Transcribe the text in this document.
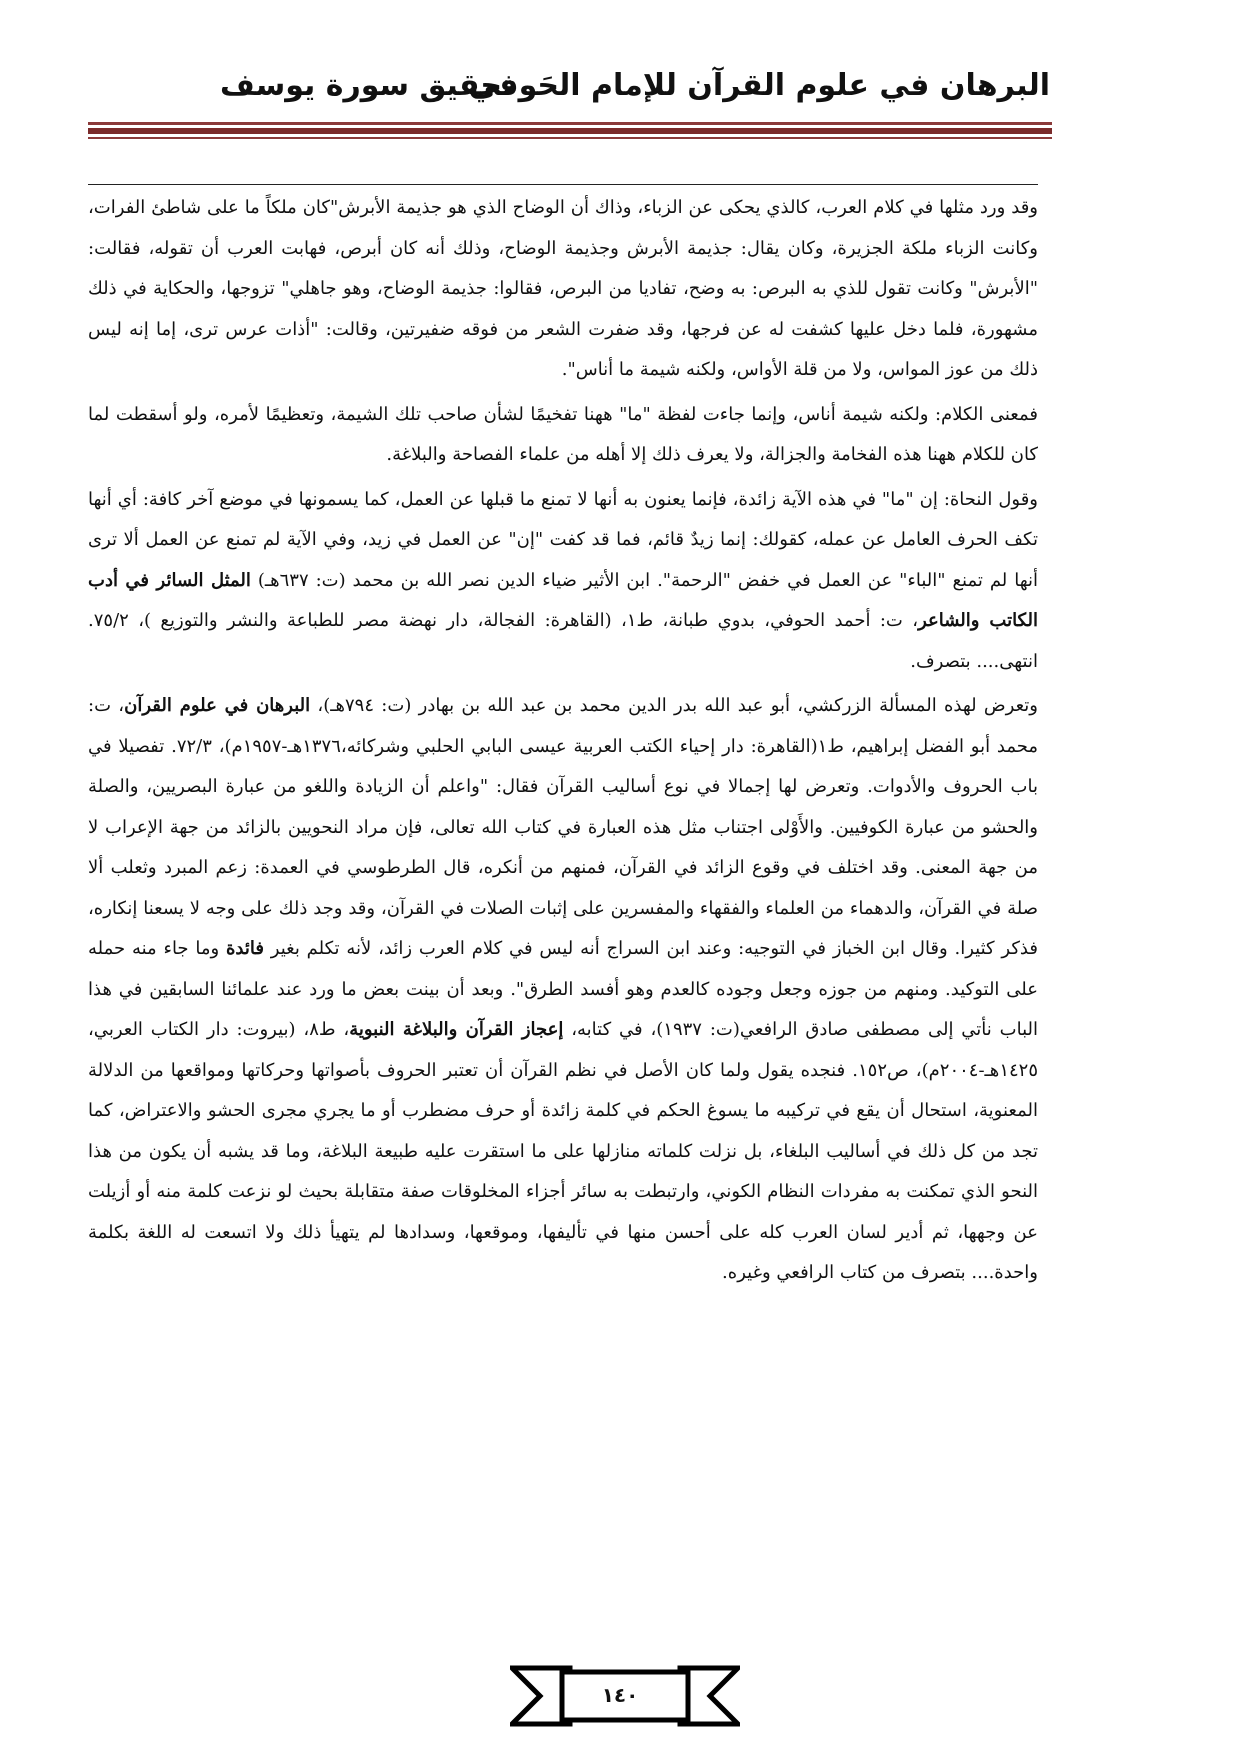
البرهان في علوم القرآن للإمام الحَوفي
تحقيق سورة يوسف

وقد ورد مثلها في كلام العرب، كالذي يحكى عن الزباء، وذاك أن الوضاح الذي هو جذيمة الأبرش"كان ملكاً ما على شاطئ الفرات، وكانت الزباء ملكة الجزيرة، وكان يقال: جذيمة الأبرش وجذيمة الوضاح، وذلك أنه كان أبرص، فهابت العرب أن تقوله، فقالت: "الأبرش" وكانت تقول للذي به البرص: به وضح، تفاديا من البرص، فقالوا: جذيمة الوضاح، وهو جاهلي" تزوجها، والحكاية في ذلك مشهورة، فلما دخل عليها كشفت له عن فرجها، وقد ضفرت الشعر من فوقه ضفيرتين، وقالت: "أذات عرس ترى، إما إنه ليس ذلك من عوز المواس، ولا من قلة الأواس، ولكنه شيمة ما أناس".

فمعنى الكلام: ولكنه شيمة أناس، وإنما جاءت لفظة "ما" ههنا تفخيمًا لشأن صاحب تلك الشيمة، وتعظيمًا لأمره، ولو أسقطت لما كان للكلام ههنا هذه الفخامة والجزالة، ولا يعرف ذلك إلا أهله من علماء الفصاحة والبلاغة.

وقول النحاة: إن "ما" في هذه الآية زائدة، فإنما يعنون به أنها لا تمنع ما قبلها عن العمل، كما يسمونها في موضع آخر كافة: أي أنها تكف الحرف العامل عن عمله، كقولك: إنما زيدٌ قائم، فما قد كفت "إن" عن العمل في زيد، وفي الآية لم تمنع عن العمل ألا ترى أنها لم تمنع "الباء" عن العمل في خفض "الرحمة". ابن الأثير ضياء الدين نصر الله بن محمد (ت: ٦٣٧هـ) المثل السائر في أدب الكاتب والشاعر، ت: أحمد الحوفي، بدوي طبانة، ط١، (القاهرة: الفجالة، دار نهضة مصر للطباعة والنشر والتوزيع )، ٧٥/٢. انتهى.... بتصرف.

وتعرض لهذه المسألة الزركشي، أبو عبد الله بدر الدين محمد بن عبد الله بن بهادر (ت: ٧٩٤هـ)، البرهان في علوم القرآن، ت: محمد أبو الفضل إبراهيم، ط١(القاهرة: دار إحياء الكتب العربية عيسى البابي الحلبي وشركائه،١٣٧٦هـ-١٩٥٧م)، ٧٢/٣. تفصيلا في باب الحروف والأدوات. وتعرض لها إجمالا في نوع أساليب القرآن فقال: "واعلم أن الزيادة واللغو من عبارة البصريين، والصلة والحشو من عبارة الكوفيين. والأَوْلى اجتناب مثل هذه العبارة في كتاب الله تعالى، فإن مراد النحويين بالزائد من جهة الإعراب لا من جهة المعنى. وقد اختلف في وقوع الزائد في القرآن، فمنهم من أنكره، قال الطرطوسي في العمدة: زعم المبرد وثعلب ألا صلة في القرآن، والدهماء من العلماء والفقهاء والمفسرين على إثبات الصلات في القرآن، وقد وجد ذلك على وجه لا يسعنا إنكاره، فذكر كثيرا. وقال ابن الخباز في التوجيه: وعند ابن السراج أنه ليس في كلام العرب زائد، لأنه تكلم بغير فائدة وما جاء منه حمله على التوكيد. ومنهم من جوزه وجعل وجوده كالعدم وهو أفسد الطرق". وبعد أن بينت بعض ما ورد عند علمائنا السابقين في هذا الباب نأتي إلى مصطفى صادق الرافعي(ت: ١٩٣٧)، في كتابه، إعجاز القرآن والبلاغة النبوية، ط٨، (بيروت: دار الكتاب العربي، ١٤٢٥هـ-٢٠٠٤م)، ص١٥٢. فنجده يقول ولما كان الأصل في نظم القرآن أن تعتبر الحروف بأصواتها وحركاتها ومواقعها من الدلالة المعنوية، استحال أن يقع في تركيبه ما يسوغ الحكم في كلمة زائدة أو حرف مضطرب أو ما يجري مجرى الحشو والاعتراض، كما تجد من كل ذلك في أساليب البلغاء، بل نزلت كلماته منازلها على ما استقرت عليه طبيعة البلاغة، وما قد يشبه أن يكون من هذا النحو الذي تمكنت به مفردات النظام الكوني، وارتبطت به سائر أجزاء المخلوقات صفة متقابلة بحيث لو نزعت كلمة منه أو أزيلت عن وجهها، ثم أدير لسان العرب كله على أحسن منها في تأليفها، وموقعها، وسدادها لم يتهيأ ذلك ولا اتسعت له اللغة بكلمة واحدة.... بتصرف من كتاب الرافعي وغيره.

١٤٠
